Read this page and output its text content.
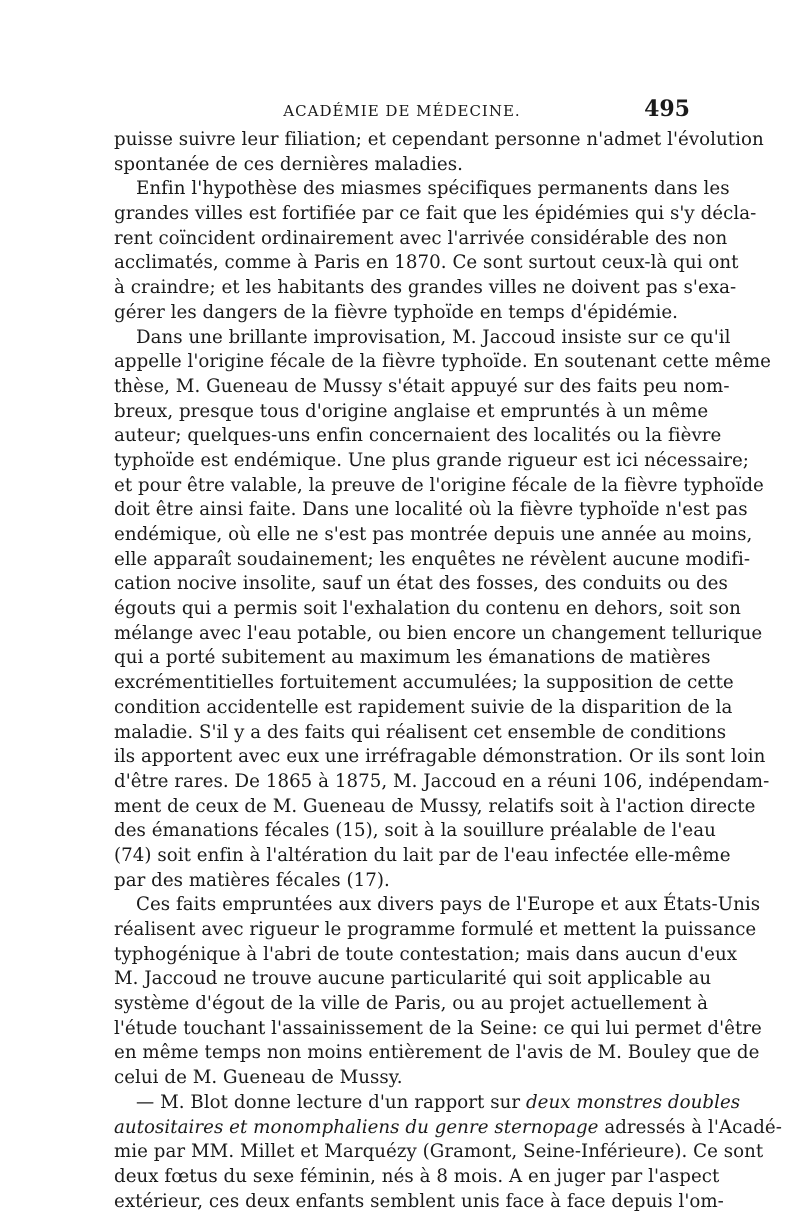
ACADÉMIE DE MÉDECINE.	495
puisse suivre leur filiation; et cependant personne n'admet l'évolution
spontanée de ces dernières maladies.
Enfin l'hypothèse des miasmes spécifiques permanents dans les
grandes villes est fortifiée par ce fait que les épidémies qui s'y décla-
rent coïncident ordinairement avec l'arrivée considérable des non
acclimatés, comme à Paris en 1870. Ce sont surtout ceux-là qui ont
à craindre; et les habitants des grandes villes ne doivent pas s'exa-
gérer les dangers de la fièvre typhoïde en temps d'épidémie.
Dans une brillante improvisation, M. Jaccoud insiste sur ce qu'il
appelle l'origine fécale de la fièvre typhoïde. En soutenant cette même
thèse, M. Gueneau de Mussy s'était appuyé sur des faits peu nom-
breux, presque tous d'origine anglaise et empruntés à un même
auteur; quelques-uns enfin concernaient des localités ou la fièvre
typhoïde est endémique. Une plus grande rigueur est ici nécessaire;
et pour être valable, la preuve de l'origine fécale de la fièvre typhoïde
doit être ainsi faite. Dans une localité où la fièvre typhoïde n'est pas
endémique, où elle ne s'est pas montrée depuis une année au moins,
elle apparaît soudainement; les enquêtes ne révèlent aucune modifi-
cation nocive insolite, sauf un état des fosses, des conduits ou des
égouts qui a permis soit l'exhalation du contenu en dehors, soit son
mélange avec l'eau potable, ou bien encore un changement tellurique
qui a porté subitement au maximum les émanations de matières
excrémentitielles fortuitement accumulées; la supposition de cette
condition accidentelle est rapidement suivie de la disparition de la
maladie. S'il y a des faits qui réalisent cet ensemble de conditions
ils apportent avec eux une irréfragable démonstration. Or ils sont loin
d'être rares. De 1865 à 1875, M. Jaccoud en a réuni 106, indépendam-
ment de ceux de M. Gueneau de Mussy, relatifs soit à l'action directe
des émanations fécales (15), soit à la souillure préalable de l'eau
(74) soit enfin à l'altération du lait par de l'eau infectée elle-même
par des matières fécales (17).
Ces faits empruntées aux divers pays de l'Europe et aux États-Unis
réalisent avec rigueur le programme formulé et mettent la puissance
typhogénique à l'abri de toute contestation; mais dans aucun d'eux
M. Jaccoud ne trouve aucune particularité qui soit applicable au
système d'égout de la ville de Paris, ou au projet actuellement à
l'étude touchant l'assainissement de la Seine: ce qui lui permet d'être
en même temps non moins entièrement de l'avis de M. Bouley que de
celui de M. Gueneau de Mussy.
— M. Blot donne lecture d'un rapport sur deux monstres doubles
autositaires et monomphaliens du genre sternopage adressés à l'Acadé-
mie par MM. Millet et Marquézy (Gramont, Seine-Inférieure). Ce sont
deux fœtus du sexe féminin, nés à 8 mois. A en juger par l'aspect
extérieur, ces deux enfants semblent unis face à face depuis l'om-
